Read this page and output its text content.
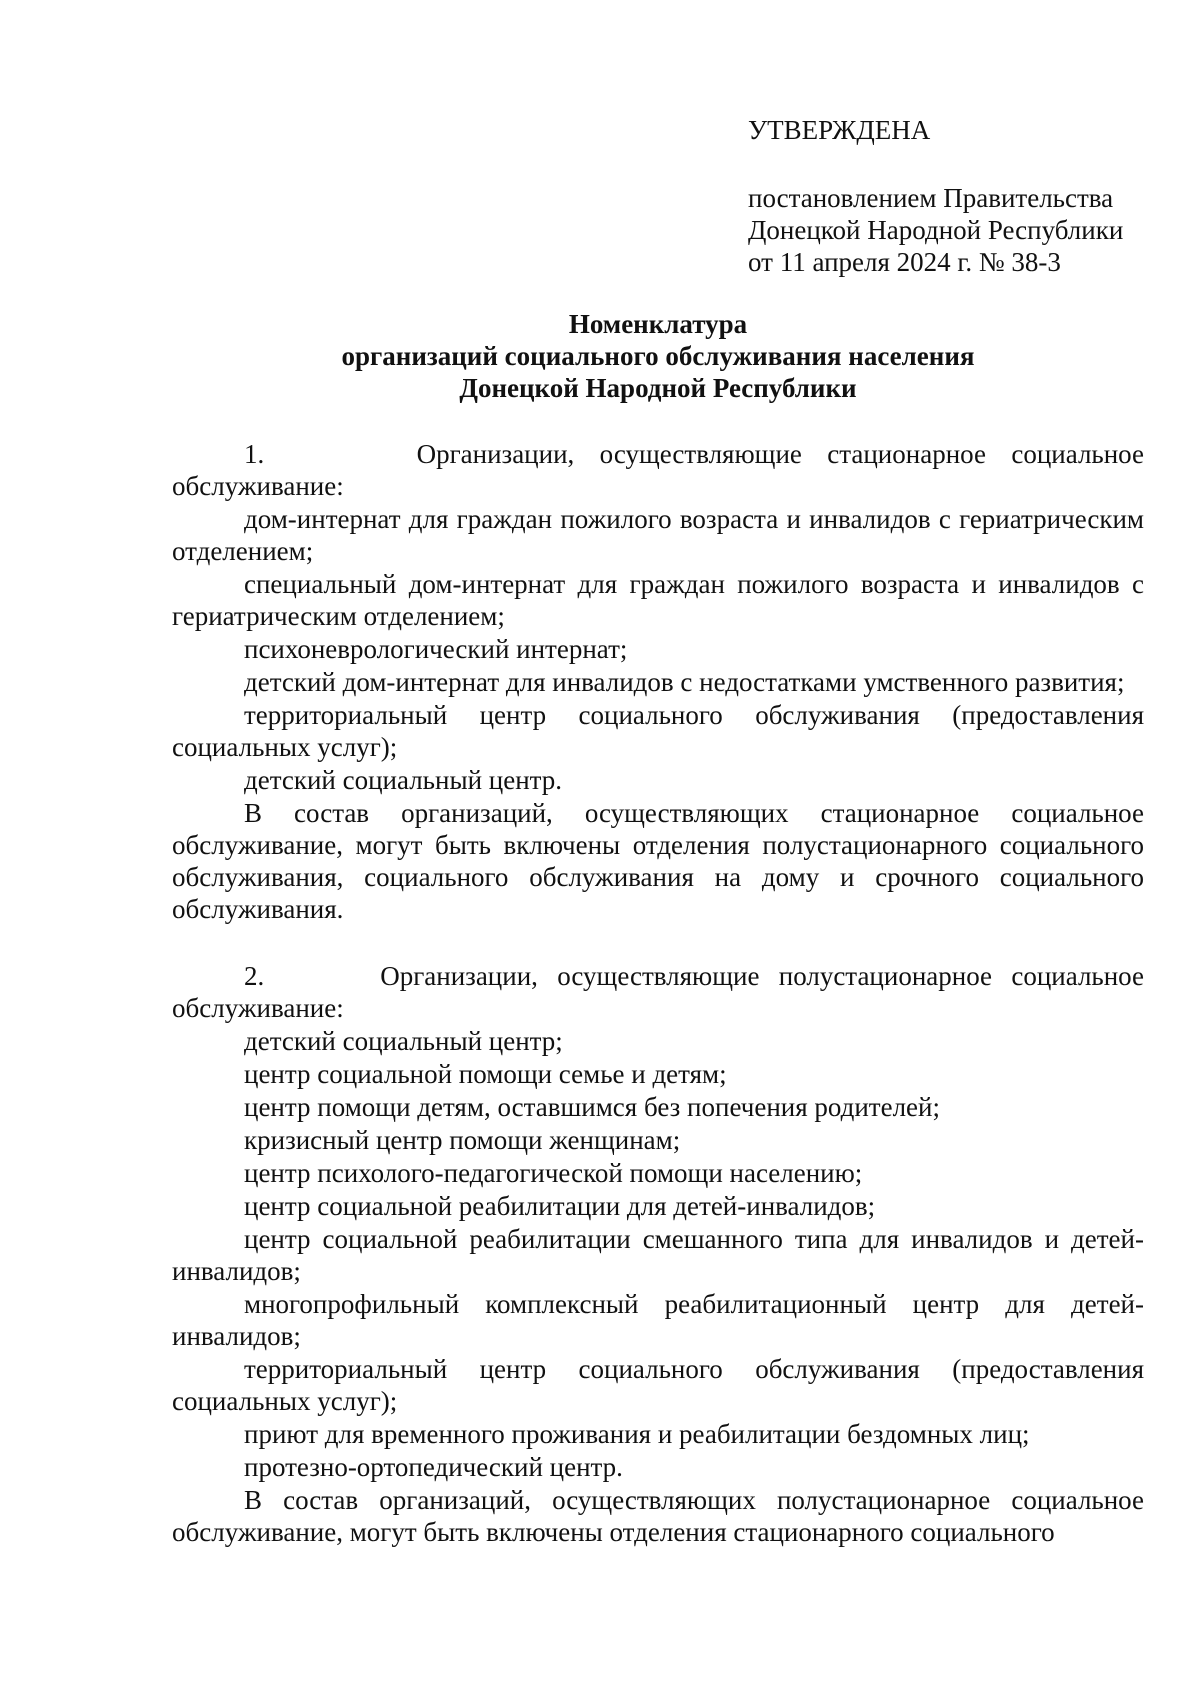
УТВЕРЖДЕНА

постановлением Правительства

Донецкой Народной Республики

от 11 апреля 2024 г. № 38-3

Номенклатура

организаций социального обслуживания населения

Донецкой Народной Республики

1.      Организации, осуществляющие стационарное социальное обслуживание:

дом-интернат для граждан пожилого возраста и инвалидов с гериатрическим отделением;

специальный дом-интернат для граждан пожилого возраста и инвалидов с гериатрическим отделением;

психоневрологический интернат;

детский дом-интернат для инвалидов с недостатками умственного развития;

территориальный центр социального обслуживания (предоставления социальных услуг);

детский социальный центр.

В состав организаций, осуществляющих стационарное социальное обслуживание, могут быть включены отделения полустационарного социального обслуживания, социального обслуживания на дому и срочного социального обслуживания.

2.      Организации, осуществляющие полустационарное социальное обслуживание:

детский социальный центр;

центр социальной помощи семье и детям;

центр помощи детям, оставшимся без попечения родителей;

кризисный центр помощи женщинам;

центр психолого-педагогической помощи населению;

центр социальной реабилитации для детей-инвалидов;

центр социальной реабилитации смешанного типа для инвалидов и детей-инвалидов;

многопрофильный комплексный реабилитационный центр для детей-инвалидов;

территориальный центр социального обслуживания (предоставления социальных услуг);

приют для временного проживания и реабилитации бездомных лиц;

протезно-ортопедический центр.

В состав организаций, осуществляющих полустационарное социальное обслуживание, могут быть включены отделения стационарного социального
